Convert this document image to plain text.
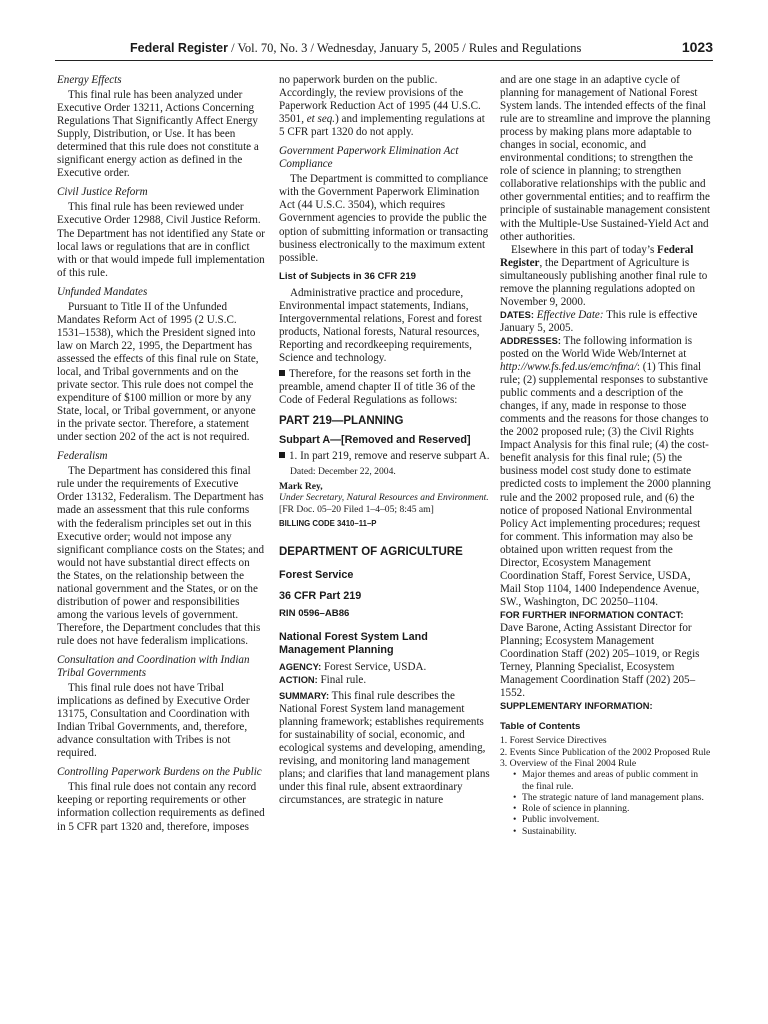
Federal Register / Vol. 70, No. 3 / Wednesday, January 5, 2005 / Rules and Regulations	1023

Energy Effects

This final rule has been analyzed under Executive Order 13211, Actions Concerning Regulations That Significantly Affect Energy Supply, Distribution, or Use. It has been determined that this rule does not constitute a significant energy action as defined in the Executive order.

Civil Justice Reform

This final rule has been reviewed under Executive Order 12988, Civil Justice Reform. The Department has not identified any State or local laws or regulations that are in conflict with or that would impede full implementation of this rule.

Unfunded Mandates

Pursuant to Title II of the Unfunded Mandates Reform Act of 1995 (2 U.S.C. 1531–1538), which the President signed into law on March 22, 1995, the Department has assessed the effects of this final rule on State, local, and Tribal governments and on the private sector. This rule does not compel the expenditure of $100 million or more by any State, local, or Tribal government, or anyone in the private sector. Therefore, a statement under section 202 of the act is not required.

Federalism

The Department has considered this final rule under the requirements of Executive Order 13132, Federalism. The Department has made an assessment that this rule conforms with the federalism principles set out in this Executive order; would not impose any significant compliance costs on the States; and would not have substantial direct effects on the States, on the relationship between the national government and the States, or on the distribution of power and responsibilities among the various levels of government. Therefore, the Department concludes that this rule does not have federalism implications.

Consultation and Coordination with Indian Tribal Governments

This final rule does not have Tribal implications as defined by Executive Order 13175, Consultation and Coordination with Indian Tribal Governments, and, therefore, advance consultation with Tribes is not required.

Controlling Paperwork Burdens on the Public

This final rule does not contain any record keeping or reporting requirements or other information collection requirements as defined in 5 CFR part 1320 and, therefore, imposes

no paperwork burden on the public. Accordingly, the review provisions of the Paperwork Reduction Act of 1995 (44 U.S.C. 3501, et seq.) and implementing regulations at 5 CFR part 1320 do not apply.

Government Paperwork Elimination Act Compliance

The Department is committed to compliance with the Government Paperwork Elimination Act (44 U.S.C. 3504), which requires Government agencies to provide the public the option of submitting information or transacting business electronically to the maximum extent possible.

List of Subjects in 36 CFR 219

Administrative practice and procedure, Environmental impact statements, Indians, Intergovernmental relations, Forest and forest products, National forests, Natural resources, Reporting and recordkeeping requirements, Science and technology.

Therefore, for the reasons set forth in the preamble, amend chapter II of title 36 of the Code of Federal Regulations as follows:

PART 219—PLANNING

Subpart A—[Removed and Reserved]

1. In part 219, remove and reserve subpart A.

Dated: December 22, 2004.

Mark Rey,

Under Secretary, Natural Resources and Environment.

[FR Doc. 05–20 Filed 1–4–05; 8:45 am]

BILLING CODE 3410–11–P

DEPARTMENT OF AGRICULTURE

Forest Service

36 CFR Part 219

RIN 0596–AB86

National Forest System Land Management Planning

AGENCY: Forest Service, USDA.

ACTION: Final rule.

SUMMARY: This final rule describes the National Forest System land management planning framework; establishes requirements for sustainability of social, economic, and ecological systems and developing, amending, revising, and monitoring land management plans; and clarifies that land management plans under this final rule, absent extraordinary circumstances, are strategic in nature

and are one stage in an adaptive cycle of planning for management of National Forest System lands. The intended effects of the final rule are to streamline and improve the planning process by making plans more adaptable to changes in social, economic, and environmental conditions; to strengthen the role of science in planning; to strengthen collaborative relationships with the public and other governmental entities; and to reaffirm the principle of sustainable management consistent with the Multiple-Use Sustained-Yield Act and other authorities.

Elsewhere in this part of today’s Federal Register, the Department of Agriculture is simultaneously publishing another final rule to remove the planning regulations adopted on November 9, 2000.

DATES: Effective Date: This rule is effective January 5, 2005.

ADDRESSES: The following information is posted on the World Wide Web/Internet at http://www.fs.fed.us/emc/nfma/: (1) This final rule; (2) supplemental responses to substantive public comments and a description of the changes, if any, made in response to those comments and the reasons for those changes to the 2002 proposed rule; (3) the Civil Rights Impact Analysis for this final rule; (4) the cost-benefit analysis for this final rule; (5) the business model cost study done to estimate predicted costs to implement the 2000 planning rule and the 2002 proposed rule, and (6) the notice of proposed National Environmental Policy Act implementing procedures; request for comment. This information may also be obtained upon written request from the Director, Ecosystem Management Coordination Staff, Forest Service, USDA, Mail Stop 1104, 1400 Independence Avenue, SW., Washington, DC 20250–1104.

FOR FURTHER INFORMATION CONTACT:

Dave Barone, Acting Assistant Director for Planning; Ecosystem Management Coordination Staff (202) 205–1019, or Regis Terney, Planning Specialist, Ecosystem Management Coordination Staff (202) 205–1552.

SUPPLEMENTARY INFORMATION:

Table of Contents

1. Forest Service Directives

2. Events Since Publication of the 2002 Proposed Rule

3. Overview of the Final 2004 Rule

• Major themes and areas of public comment in the final rule.

• The strategic nature of land management plans.

• Role of science in planning.

• Public involvement.

• Sustainability.
